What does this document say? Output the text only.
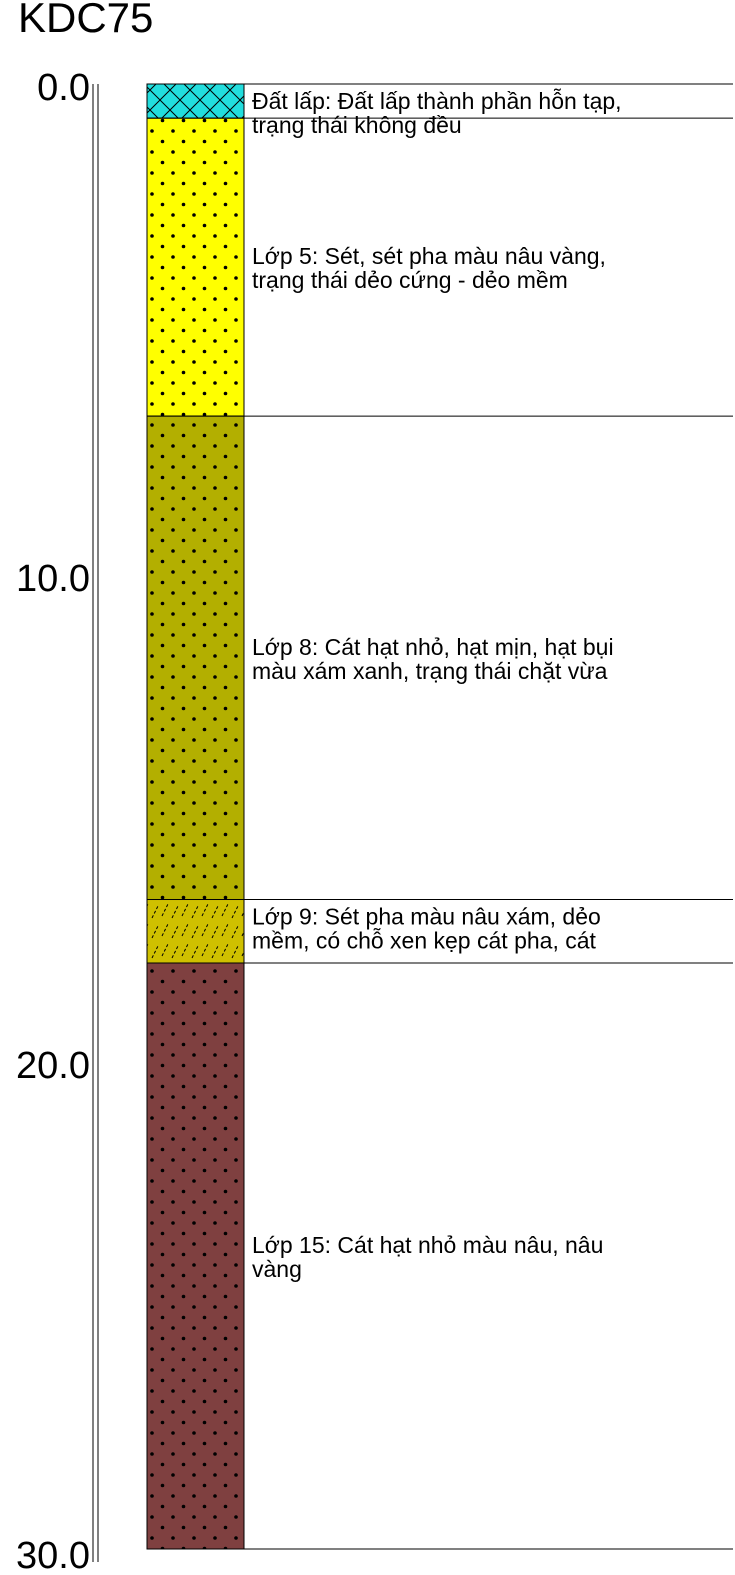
KDC75
0.0
10.0
20.0
30.0
Đất lấp: Đất lấp thành phần hỗn tạp, trạng thái không đều
Lớp 5: Sét, sét pha màu nâu vàng, trạng thái dẻo cứng - dẻo mềm
Lớp 8: Cát hạt nhỏ, hạt mịn, hạt bụi màu xám xanh, trạng thái chặt vừa
Lớp 9: Sét pha màu nâu xám, dẻo mềm, có chỗ xen kẹp cát pha, cát
Lớp 15: Cát hạt nhỏ màu nâu, nâu vàng
